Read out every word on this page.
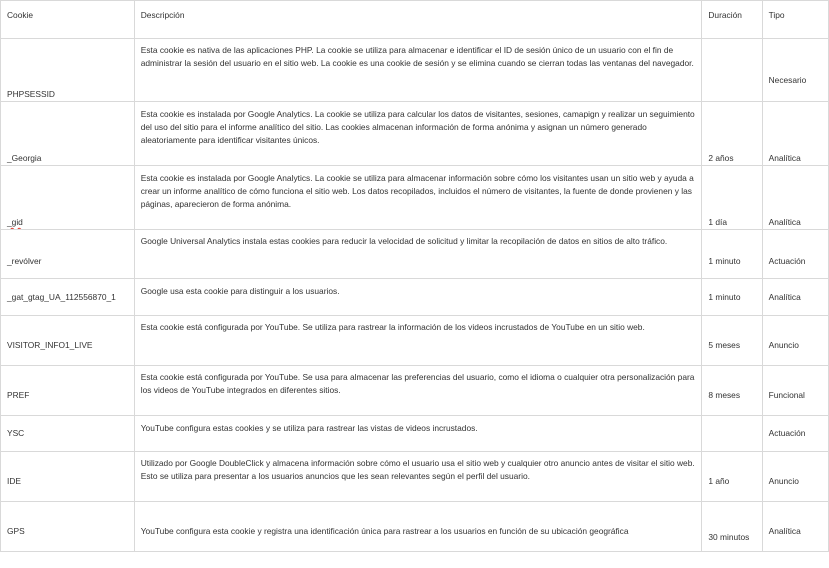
Cookie	Descripción	Duración	Tipo
PHPSESSID	Esta cookie es nativa de las aplicaciones PHP. La cookie se utiliza para almacenar e identificar el ID de sesión único de un usuario con el fin de administrar la sesión del usuario en el sitio web. La cookie es una cookie de sesión y se elimina cuando se cierran todas las ventanas del navegador.		Necesario
_Georgia	Esta cookie es instalada por Google Analytics. La cookie se utiliza para calcular los datos de visitantes, sesiones, camapign y realizar un seguimiento del uso del sitio para el informe analítico del sitio. Las cookies almacenan información de forma anónima y asignan un número generado aleatoriamente para identificar visitantes únicos.	2 años	Analítica
_gid	Esta cookie es instalada por Google Analytics. La cookie se utiliza para almacenar información sobre cómo los visitantes usan un sitio web y ayuda a crear un informe analítico de cómo funciona el sitio web. Los datos recopilados, incluidos el número de visitantes, la fuente de donde provienen y las páginas, aparecieron de forma anónima.	1 día	Analítica
_revólver	Google Universal Analytics instala estas cookies para reducir la velocidad de solicitud y limitar la recopilación de datos en sitios de alto tráfico.	1 minuto	Actuación
_gat_gtag_UA_112556870_1	Google usa esta cookie para distinguir a los usuarios.	1 minuto	Analítica
VISITOR_INFO1_LIVE	Esta cookie está configurada por YouTube. Se utiliza para rastrear la información de los videos incrustados de YouTube en un sitio web.	5 meses	Anuncio
PREF	Esta cookie está configurada por YouTube. Se usa para almacenar las preferencias del usuario, como el idioma o cualquier otra personalización para los videos de YouTube integrados en diferentes sitios.	8 meses	Funcional
YSC	YouTube configura estas cookies y se utiliza para rastrear las vistas de videos incrustados.		Actuación
IDE	Utilizado por Google DoubleClick y almacena información sobre cómo el usuario usa el sitio web y cualquier otro anuncio antes de visitar el sitio web. Esto se utiliza para presentar a los usuarios anuncios que les sean relevantes según el perfil del usuario.	1 año	Anuncio
GPS	YouTube configura esta cookie y registra una identificación única para rastrear a los usuarios en función de su ubicación geográfica	30 minutos	Analítica
